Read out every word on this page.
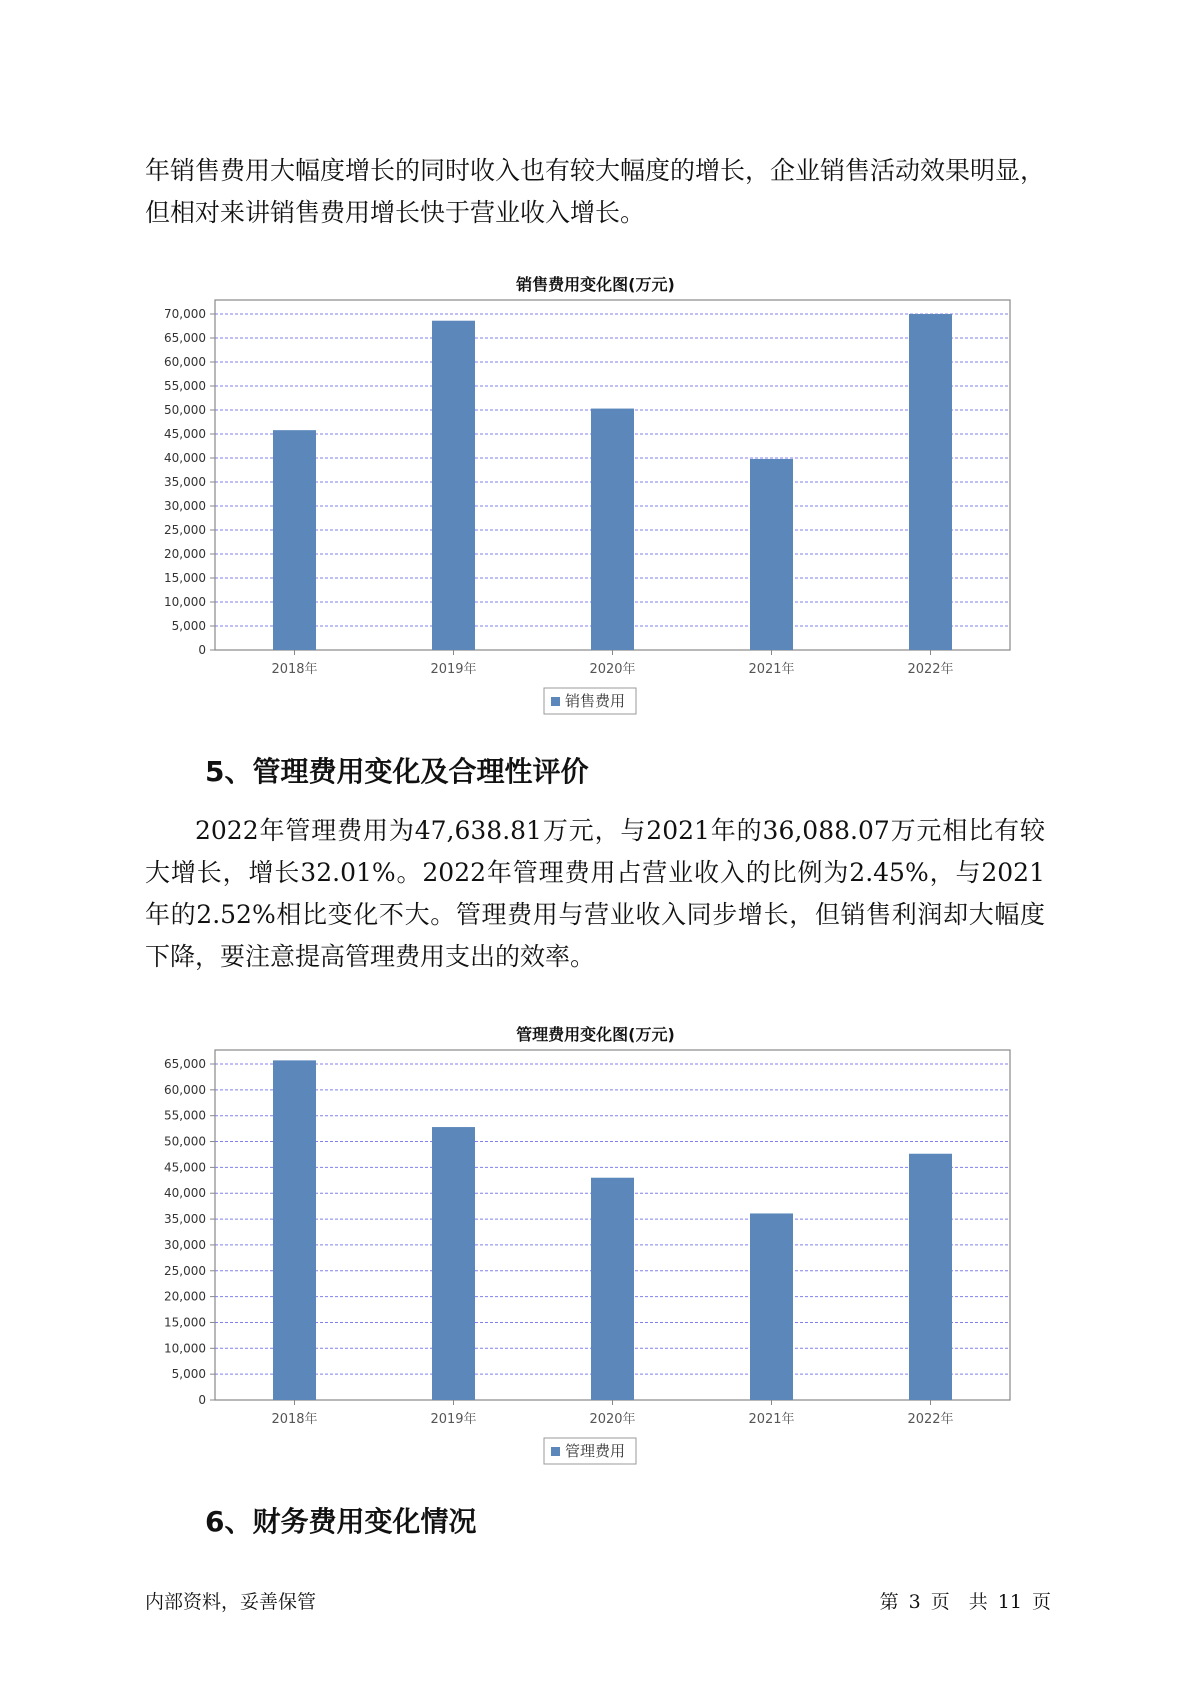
年销售费用大幅度增长的同时收入也有较大幅度的增长，企业销售活动效果明显，但相对来讲销售费用增长快于营业收入增长。

销售费用变化图(万元)
0
5,000
10,000
15,000
20,000
25,000
30,000
35,000
40,000
45,000
50,000
55,000
60,000
65,000
70,000
2018年	2019年	2020年	2021年	2022年
销售费用
5、管理费用变化及合理性评价

2022年管理费用为47,638.81万元，与2021年的36,088.07万元相比有较大增长，增长32.01%。2022年管理费用占营业收入的比例为2.45%，与2021年的2.52%相比变化不大。管理费用与营业收入同步增长，但销售利润却大幅度下降，要注意提高管理费用支出的效率。

管理费用变化图(万元)
0
5,000
10,000
15,000
20,000
25,000
30,000
35,000
40,000
45,000
50,000
55,000
60,000
65,000
2018年	2019年	2020年	2021年	2022年
管理费用
6、财务费用变化情况
内部资料，妥善保管	第 3 页　共 11 页
